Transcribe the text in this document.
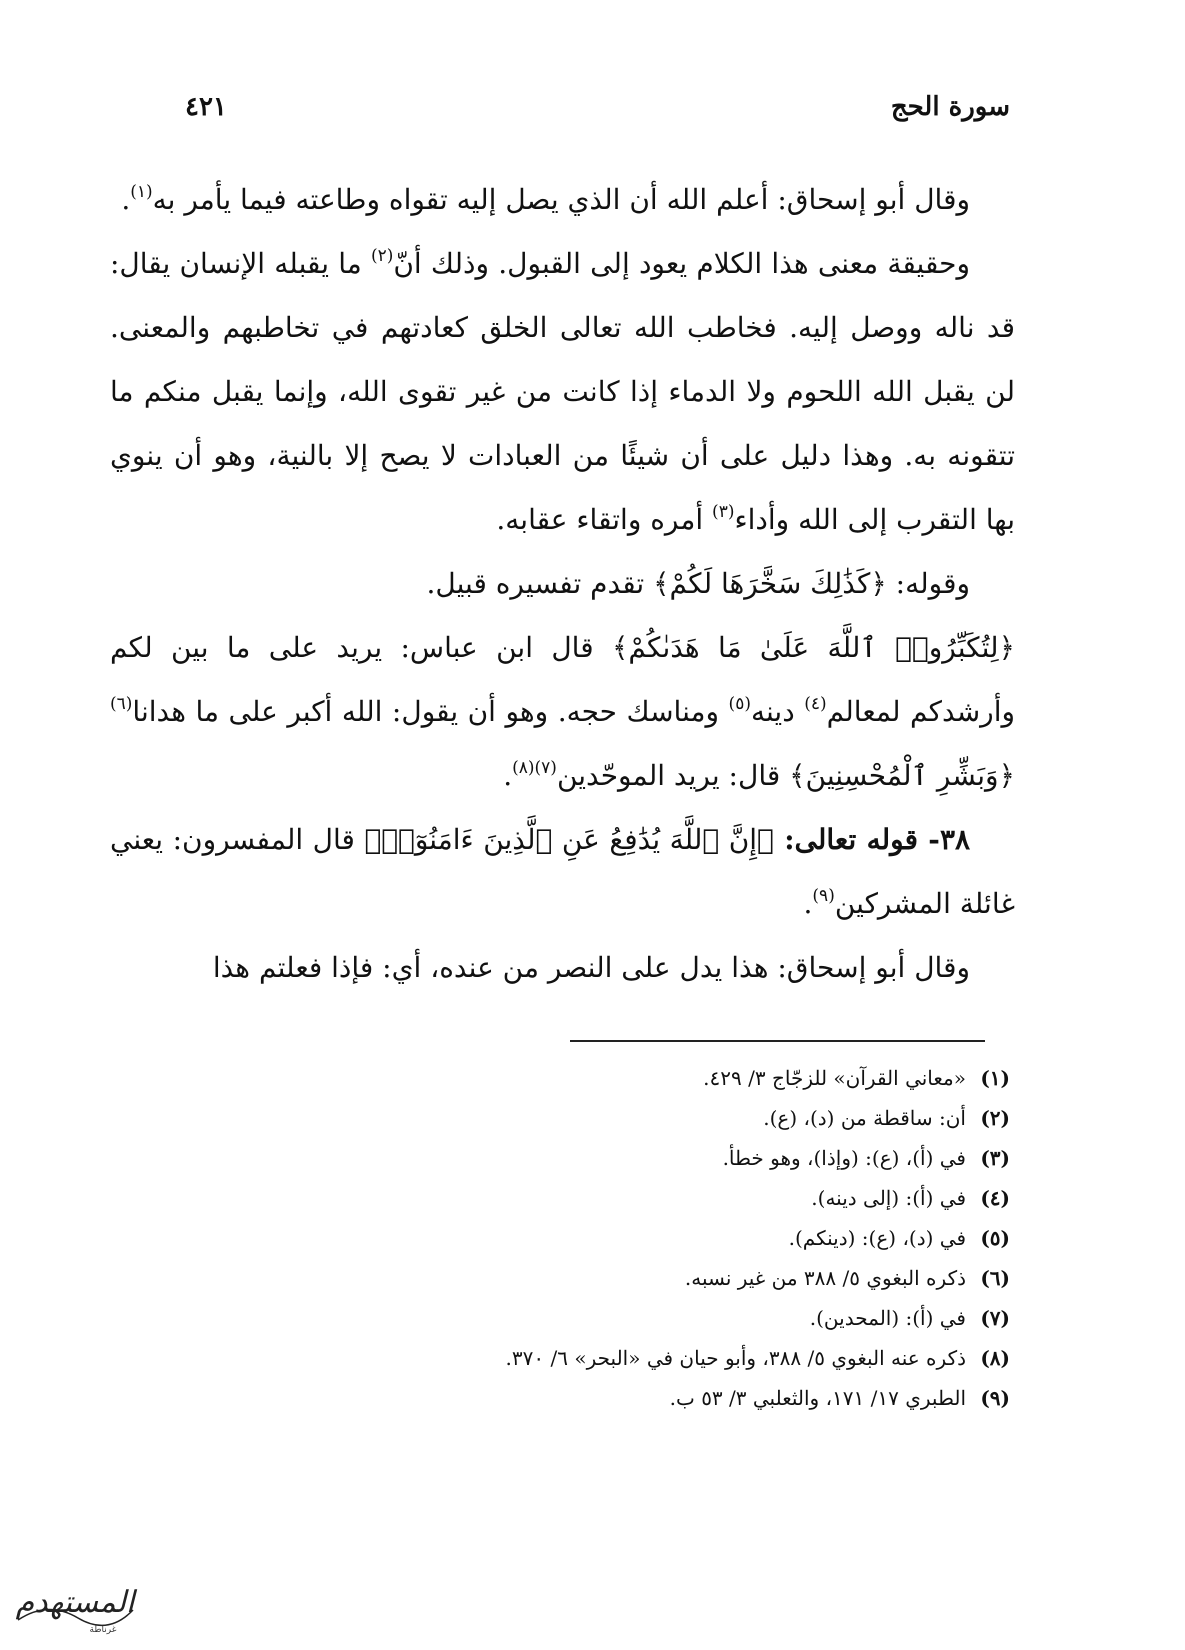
سورة الحج
٤٢١

وقال أبو إسحاق: أعلم الله أن الذي يصل إليه تقواه وطاعته فيما يأمر به$^{(١)}$.

وحقيقة معنى هذا الكلام يعود إلى القبول. وذلك أنّ$^{(٢)}$ ما يقبله الإنسان يقال: قد ناله ووصل إليه. فخاطب الله تعالى الخلق كعادتهم في تخاطبهم والمعنى. لن يقبل الله اللحوم ولا الدماء إذا كانت من غير تقوى الله، وإنما يقبل منكم ما تتقونه به. وهذا دليل على أن شيئًا من العبادات لا يصح إلا بالنية، وهو أن ينوي بها التقرب إلى الله وأداء$^{(٣)}$ أمره واتقاء عقابه.

وقوله: ﴿كَذَٰلِكَ سَخَّرَهَا لَكُمْ﴾ تقدم تفسيره قبيل.

﴿لِتُكَبِّرُوا۟ ٱللَّهَ عَلَىٰ مَا هَدَىٰكُمْ﴾ قال ابن عباس: يريد على ما بين لكم وأرشدكم لمعالم$^{(٤)}$ دينه$^{(٥)}$ ومناسك حجه. وهو أن يقول: الله أكبر على ما هدانا$^{(٦)}$ ﴿وَبَشِّرِ ٱلْمُحْسِنِينَ﴾ قال: يريد الموحّدين$^{(٧)(٨)}$.

٣٨- قوله تعالى: ﴿إِنَّ ٱللَّهَ يُدَٰفِعُ عَنِ ٱلَّذِينَ ءَامَنُوٓا۟﴾ قال المفسرون: يعني غائلة المشركين$^{(٩)}$.

وقال أبو إسحاق: هذا يدل على النصر من عنده، أي: فإذا فعلتم هذا

(١)
«معاني القرآن» للزجّاج ٣/ ٤٢٩.
(٢)
أن: ساقطة من (د)، (ع).
(٣)
في (أ)، (ع): (وإذا)، وهو خطأ.
(٤)
في (أ): (إلى دينه).
(٥)
في (د)، (ع): (دينكم).
(٦)
ذكره البغوي ٥/ ٣٨٨ من غير نسبه.
(٧)
في (أ): (المحدين).
(٨)
ذكره عنه البغوي ٥/ ٣٨٨، وأبو حيان في «البحر» ٦/ ٣٧٠.
(٩)
الطبري ١٧/ ١٧١، والثعلبي ٣/ ٥٣ ب.
المستهدم
غرناطة
